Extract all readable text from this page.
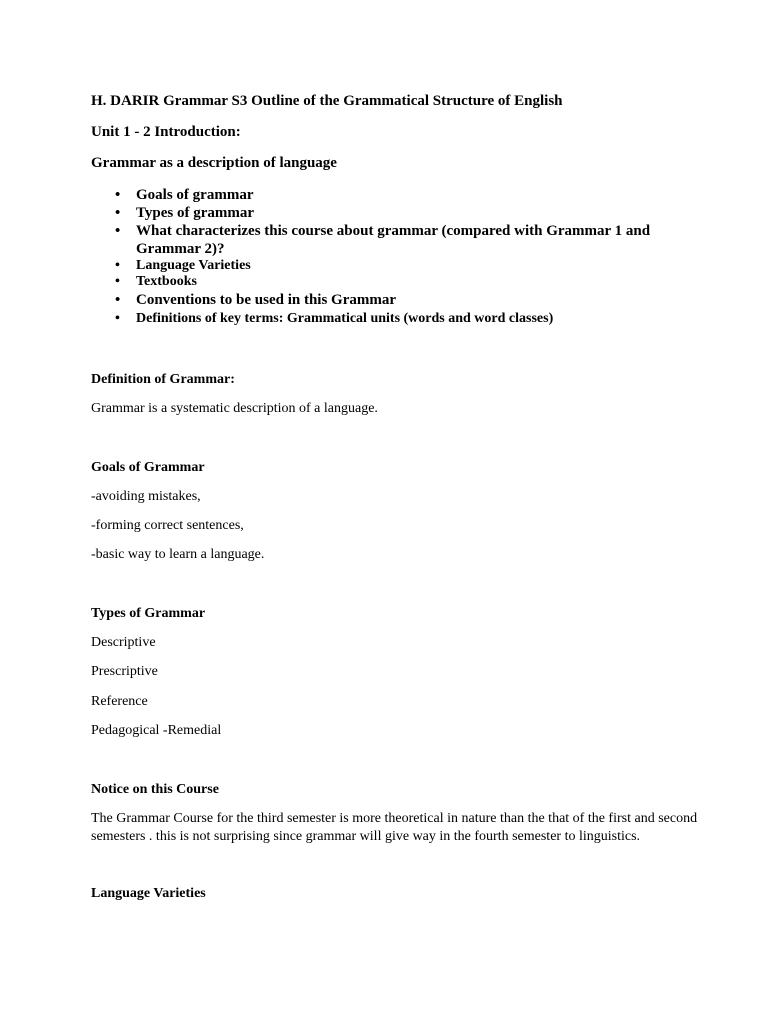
H. DARIR Grammar S3 Outline of the Grammatical Structure of English

Unit 1 - 2 Introduction:

Grammar as a description of language

• Goals of grammar
• Types of grammar
• What characterizes this course about grammar (compared with Grammar 1 and
Grammar 2)?
• Language Varieties
• Textbooks
• Conventions to be used in this Grammar
• Definitions of key terms: Grammatical units (words and word classes)

Definition of Grammar:

Grammar is a systematic description of a language.

Goals of Grammar

-avoiding mistakes,

-forming correct sentences,

-basic way to learn a language.

Types of Grammar

Descriptive

Prescriptive

Reference

Pedagogical -Remedial

Notice on this Course

The Grammar Course for the third semester is more theoretical in nature than the that of the first and second semesters . this is not surprising since grammar will give way in the fourth semester to linguistics.

Language Varieties
